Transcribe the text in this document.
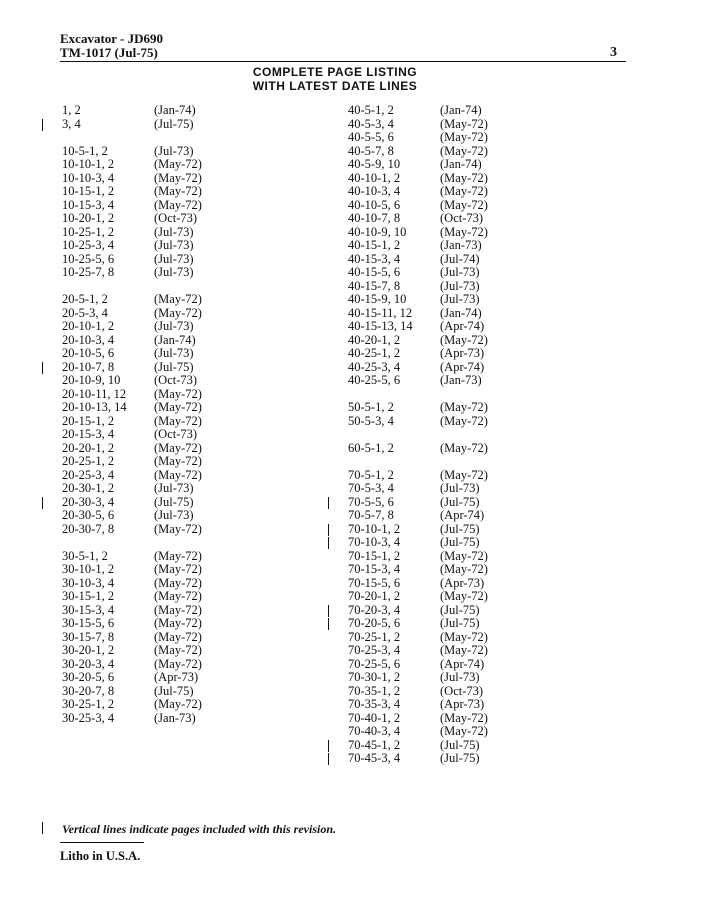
Excavator - JD690
TM-1017 (Jul-75)	3
COMPLETE PAGE LISTING
WITH LATEST DATE LINES
1, 2	(Jan-74)
3, 4	(Jul-75)
10-5-1, 2	(Jul-73)
10-10-1, 2	(May-72)
10-10-3, 4	(May-72)
10-15-1, 2	(May-72)
10-15-3, 4	(May-72)
10-20-1, 2	(Oct-73)
10-25-1, 2	(Jul-73)
10-25-3, 4	(Jul-73)
10-25-5, 6	(Jul-73)
10-25-7, 8	(Jul-73)
20-5-1, 2	(May-72)
20-5-3, 4	(May-72)
20-10-1, 2	(Jul-73)
20-10-3, 4	(Jan-74)
20-10-5, 6	(Jul-73)
20-10-7, 8	(Jul-75)
20-10-9, 10	(Oct-73)
20-10-11, 12 (May-72)
20-10-13, 14 (May-72)
20-15-1, 2	(May-72)
20-15-3, 4	(Oct-73)
20-20-1, 2	(May-72)
20-25-1, 2	(May-72)
20-25-3, 4	(May-72)
20-30-1, 2	(Jul-73)
20-30-3, 4	(Jul-75)
20-30-5, 6	(Jul-73)
20-30-7, 8	(May-72)
30-5-1, 2	(May-72)
30-10-1, 2	(May-72)
30-10-3, 4	(May-72)
30-15-1, 2	(May-72)
30-15-3, 4	(May-72)
30-15-5, 6	(May-72)
30-15-7, 8	(May-72)
30-20-1, 2	(May-72)
30-20-3, 4	(May-72)
30-20-5, 6	(Apr-73)
30-20-7, 8	(Jul-75)
30-25-1, 2	(May-72)
30-25-3, 4	(Jan-73)
40-5-1, 2	(Jan-74)
40-5-3, 4	(May-72)
40-5-5, 6	(May-72)
40-5-7, 8	(May-72)
40-5-9, 10	(Jan-74)
40-10-1, 2	(May-72)
40-10-3, 4	(May-72)
40-10-5, 6	(May-72)
40-10-7, 8	(Oct-73)
40-10-9, 10	(May-72)
40-15-1, 2	(Jan-73)
40-15-3, 4	(Jul-74)
40-15-5, 6	(Jul-73)
40-15-7, 8	(Jul-73)
40-15-9, 10	(Jul-73)
40-15-11, 12 (Jan-74)
40-15-13, 14 (Apr-74)
40-20-1, 2	(May-72)
40-25-1, 2	(Apr-73)
40-25-3, 4	(Apr-74)
40-25-5, 6	(Jan-73)
50-5-1, 2	(May-72)
50-5-3, 4	(May-72)
60-5-1, 2	(May-72)
70-5-1, 2	(May-72)
70-5-3, 4	(Jul-73)
70-5-5, 6	(Jul-75)
70-5-7, 8	(Apr-74)
70-10-1, 2	(Jul-75)
70-10-3, 4	(Jul-75)
70-15-1, 2	(May-72)
70-15-3, 4	(May-72)
70-15-5, 6	(Apr-73)
70-20-1, 2	(May-72)
70-20-3, 4	(Jul-75)
70-20-5, 6	(Jul-75)
70-25-1, 2	(May-72)
70-25-3, 4	(May-72)
70-25-5, 6	(Apr-74)
70-30-1, 2	(Jul-73)
70-35-1, 2	(Oct-73)
70-35-3, 4	(Apr-73)
70-40-1, 2	(May-72)
70-40-3, 4	(May-72)
70-45-1, 2	(Jul-75)
70-45-3, 4	(Jul-75)
Vertical lines indicate pages included with this revision.
Litho in U.S.A.
